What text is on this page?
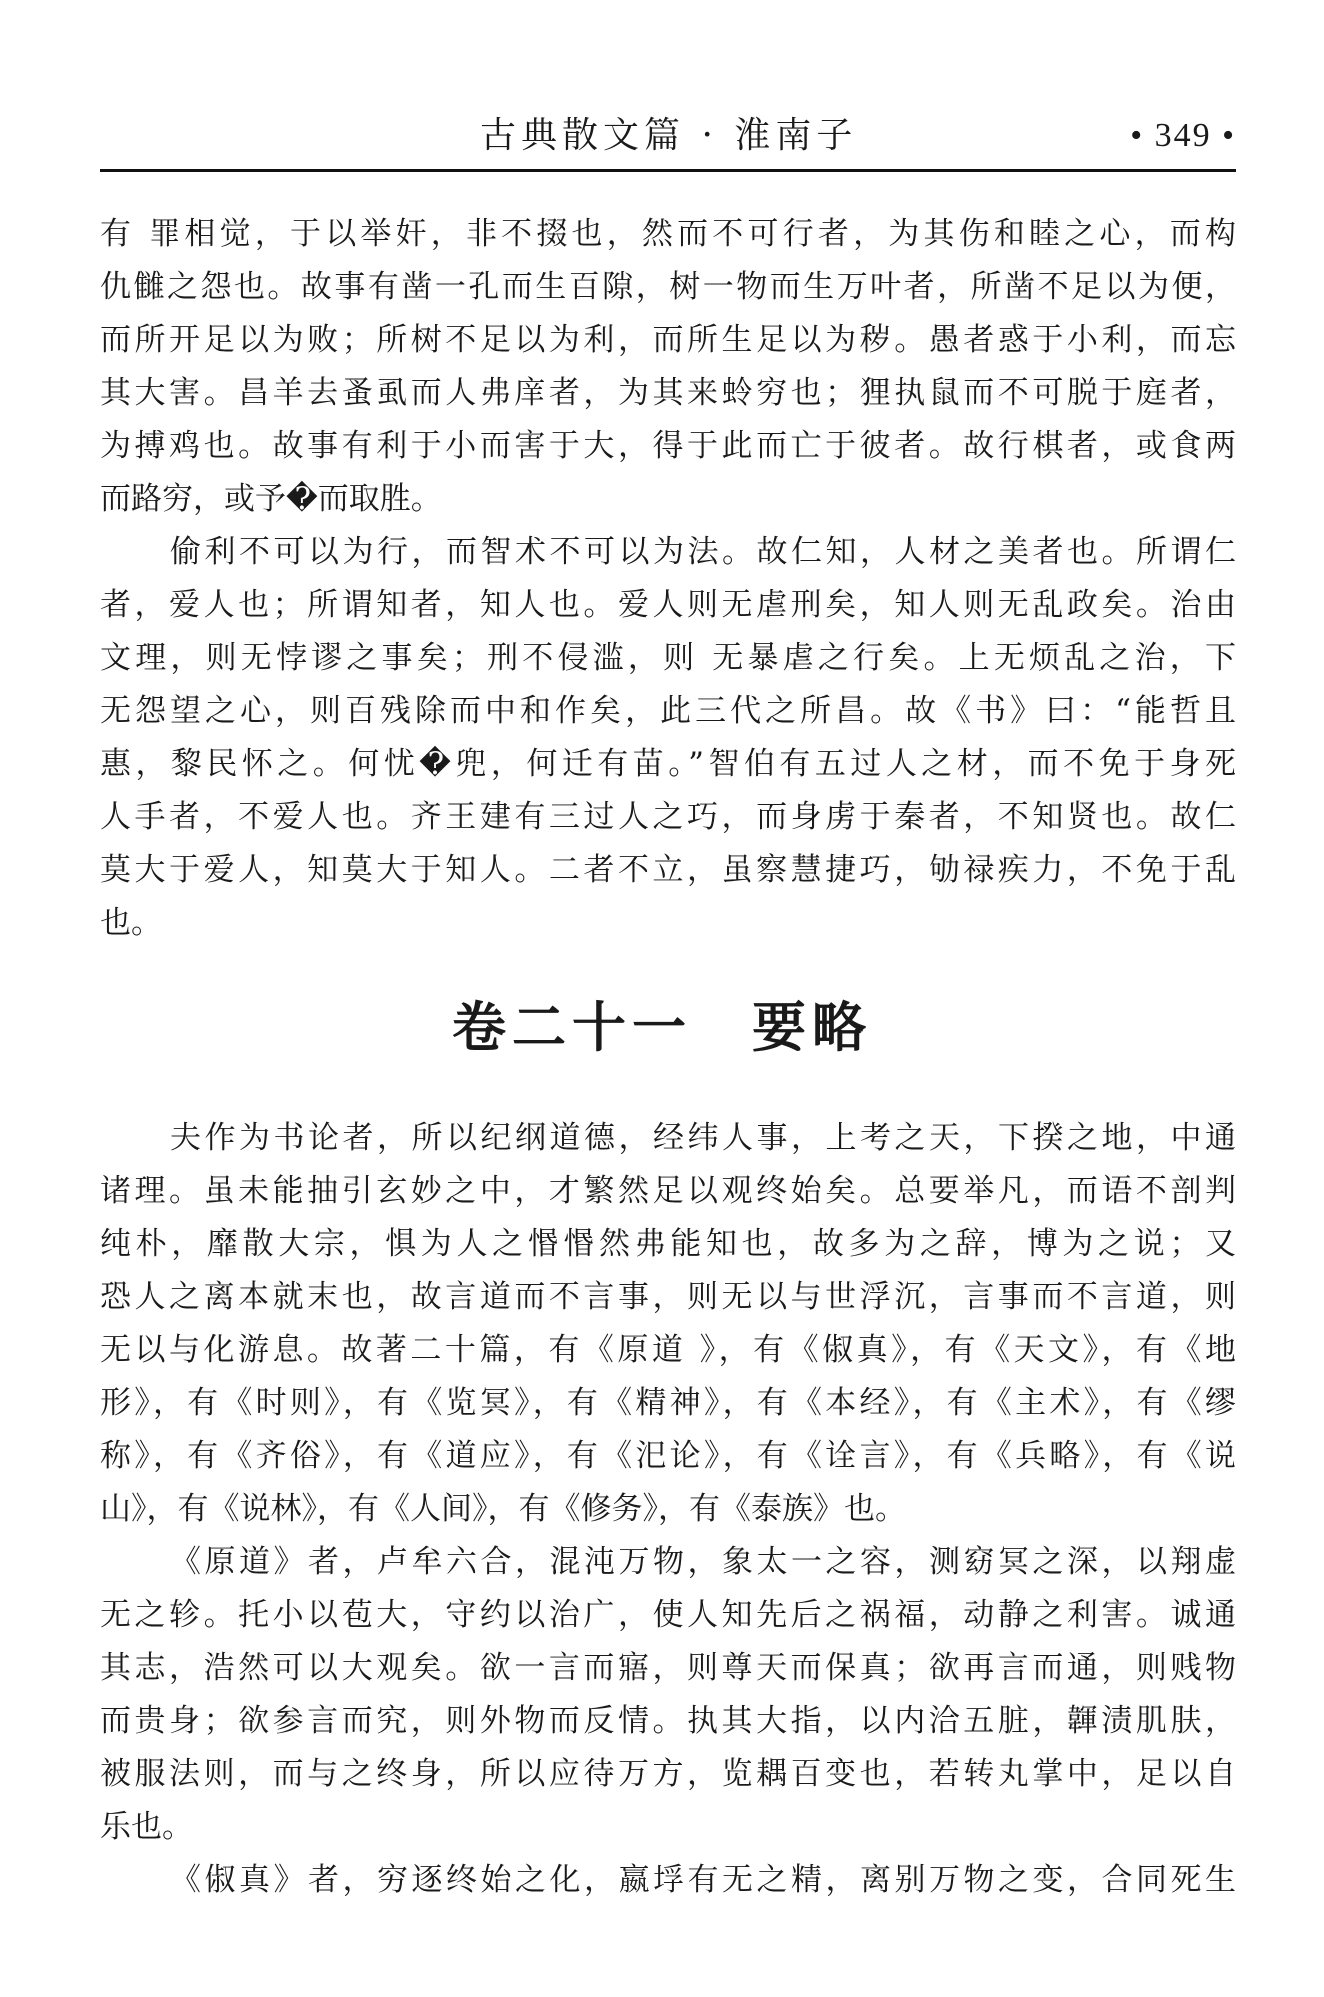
古典散文篇 · 淮南子	• 349 •
有 罪相觉，于以举奸，非不掇也，然而不可行者，为其伤和睦之心，而构
仇雠之怨也。故事有凿一孔而生百隙，树一物而生万叶者，所凿不足以为便，
而所开足以为败；所树不足以为利，而所生足以为秽。愚者惑于小利，而忘
其大害。昌羊去蚤虱而人弗庠者，为其来蛉穷也；狸执鼠而不可脱于庭者，
为搏鸡也。故事有利于小而害于大，得于此而亡于彼者。故行棋者，或食两
而路穷，或予�而取胜。
偷利不可以为行，而智术不可以为法。故仁知，人材之美者也。所谓仁
者，爱人也；所谓知者，知人也。爱人则无虐刑矣，知人则无乱政矣。治由
文理，则无悖谬之事矣；刑不侵滥，则 无暴虐之行矣。上无烦乱之治，下
无怨望之心，则百残除而中和作矣，此三代之所昌。故《书》曰：“能哲且
惠，黎民怀之。何忧�兜，何迁有苗。”智伯有五过人之材，而不免于身死
人手者，不爱人也。齐王建有三过人之巧，而身虏于秦者，不知贤也。故仁
莫大于爱人，知莫大于知人。二者不立，虽察慧捷巧，劬禄疾力，不免于乱
也。
卷二十一 要略
夫作为书论者，所以纪纲道德，经纬人事，上考之天，下揆之地，中通
诸理。虽未能抽引玄妙之中，才繁然足以观终始矣。总要举凡，而语不剖判
纯朴，靡散大宗，惧为人之惽惽然弗能知也，故多为之辞，博为之说；又
恐人之离本就末也，故言道而不言事，则无以与世浮沉，言事而不言道，则
无以与化游息。故著二十篇，有《原道 》，有《俶真》，有《天文》，有《地
形》，有《时则》，有《览冥》，有《精神》，有《本经》，有《主术》，有《缪
称》，有《齐俗》，有《道应》，有《汜论》，有《诠言》，有《兵略》，有《说
山》，有《说林》，有《人间》，有《修务》，有《泰族》也。
《原道》者，卢牟六合，混沌万物，象太一之容，测窈冥之深，以翔虚
无之轸。托小以苞大，守约以治广，使人知先后之祸福，动静之利害。诚通
其志，浩然可以大观矣。欲一言而寤，则尊天而保真；欲再言而通，则贱物
而贵身；欲参言而究，则外物而反情。执其大指，以内洽五脏，韗渍肌肤，
被服法则，而与之终身，所以应待万方，览耦百变也，若转丸掌中，足以自
乐也。
《俶真》者，穷逐终始之化，嬴垺有无之精，离别万物之变，合同死生
